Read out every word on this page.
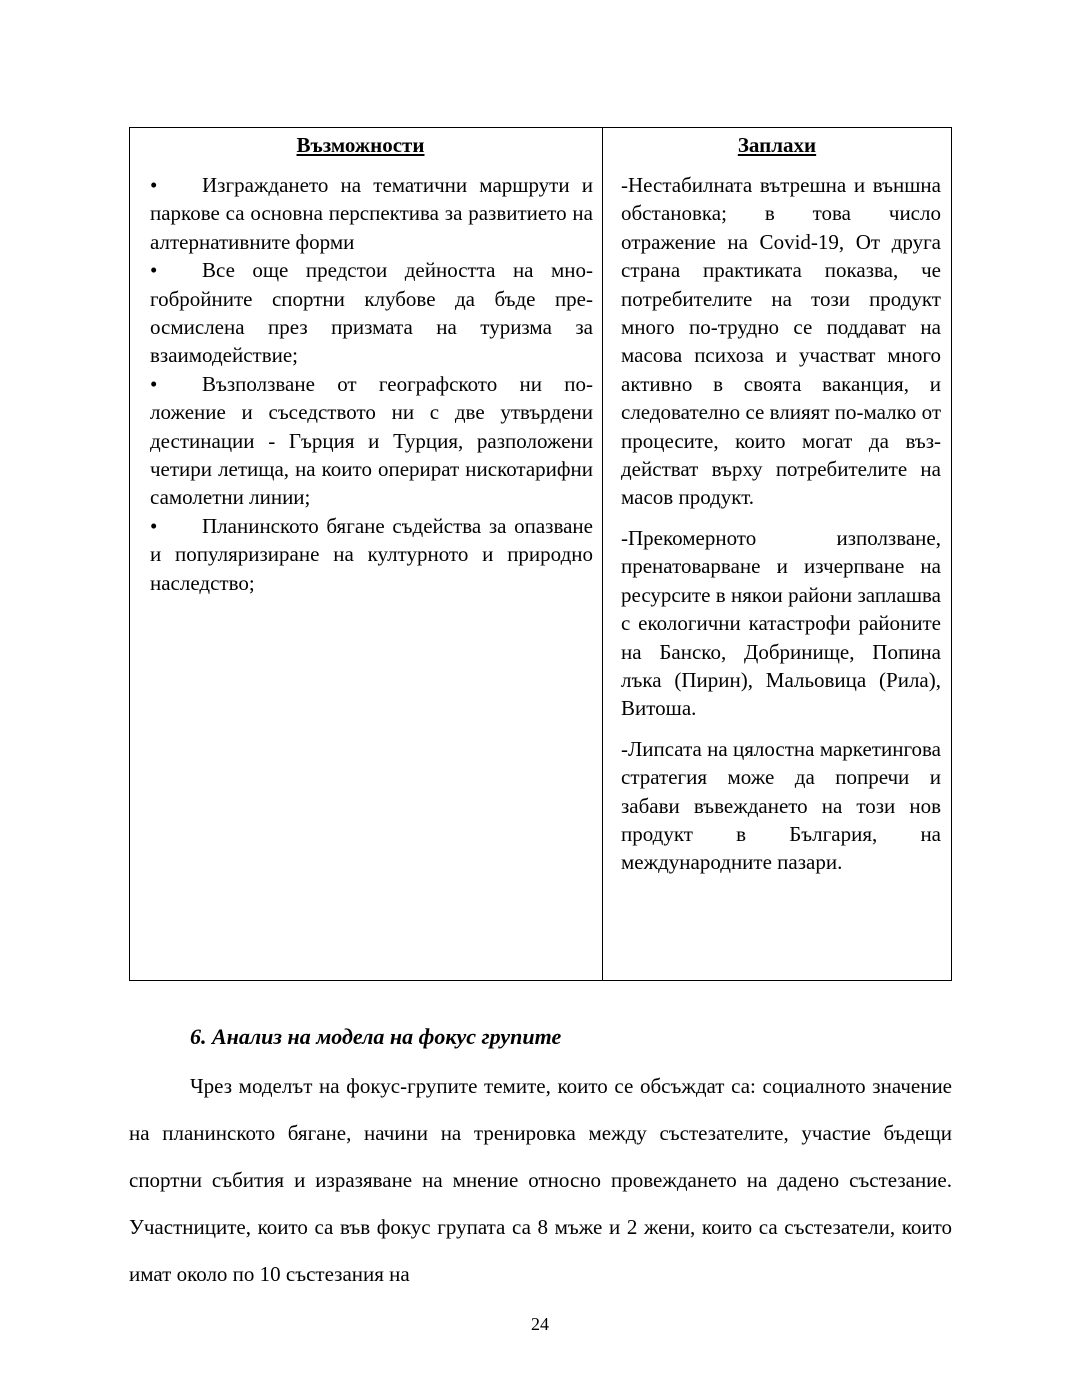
Възможности
• Изграждането на тематични маршрути и паркове са основна перспектива за развитието на алтернативните форми
• Все още предстои дейността на многобройните спортни клубове да бъде преосмислена през призмата на туризма за взаимодействие;
• Възползване от географското ни положение и съседството ни с две утвърдени дестинации - Гърция и Турция, разположени четири летища, на които оперират нискотарифни самолетни линии;
• Планинското бягане съдейства за опазване и популяризиране на културното и природно наследство;
Заплахи

-Нестабилната вътрешна и външна обстановка; в това число отражение на Covid-19, От друга страна практиката показва, че потребителите на този продукт много по-трудно се поддават на масова психоза и участват много активно в своята ваканция, и следователно се влияят по-малко от процесите, които могат да въздействат върху потребителите на масов продукт.

-Прекомерното използване, пренатоварване и изчерпване на ресурсите в някои райони заплашва с екологични катастрофи районите на Банско, Добринище, Попина лъка (Пирин), Мальовица (Рила), Витоша.

-Липсата на цялостна маркетингова стратегия може да попречи и забави въвеждането на този нов продукт в България, на международните пазари.

6. Анализ на модела на фокус групите

Чрез моделът на фокус-групите темите, които се обсъждат са: социалното значение на планинското бягане, начини на тренировка между състезателите, участие бъдещи спортни събития и изразяване на мнение относно провеждането на дадено състезание. Участниците, които са във фокус групата са 8 мъже и 2 жени, които са състезатели, които имат около по 10 състезания на

24
